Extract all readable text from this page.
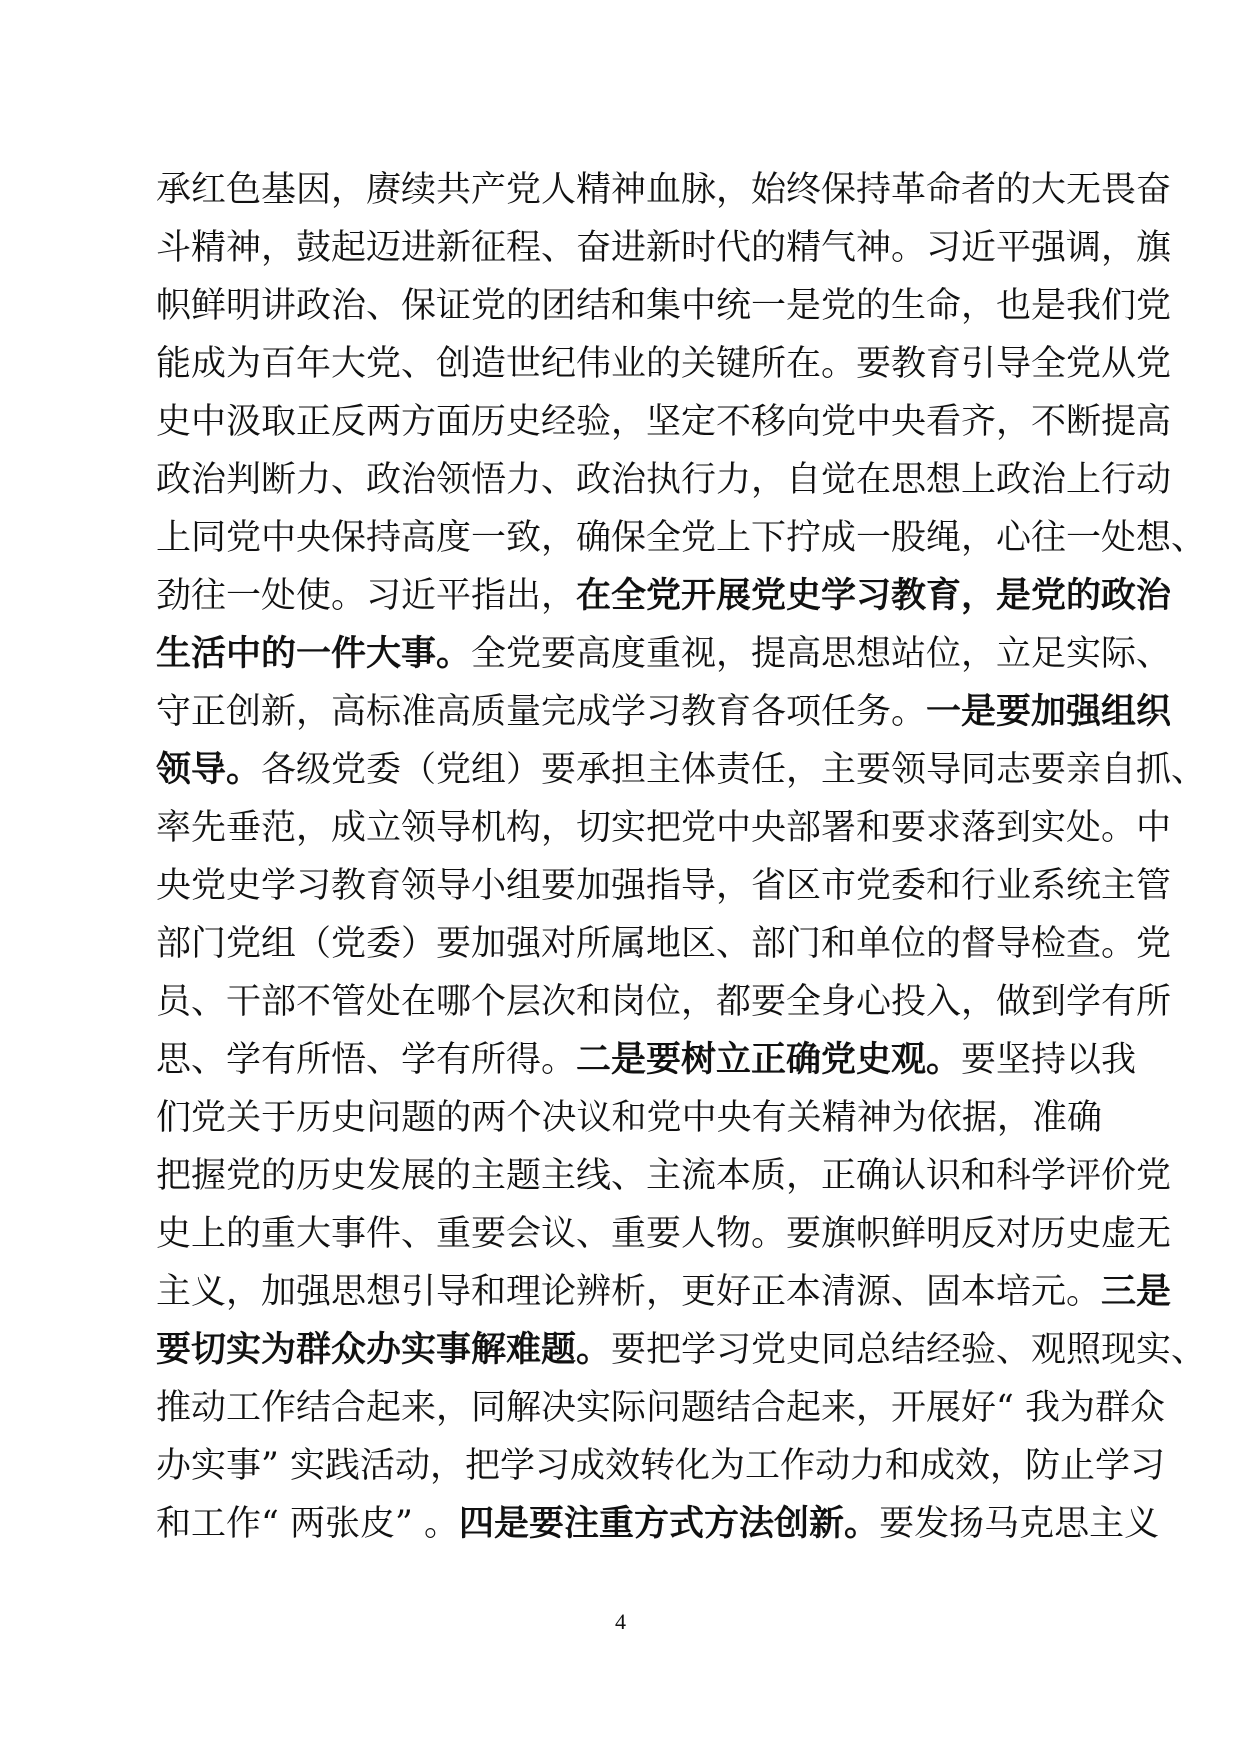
承红色基因，赓续共产党人精神血脉，始终保持革命者的大无畏奋
斗精神，鼓起迈进新征程、奋进新时代的精气神。习近平强调，旗
帜鲜明讲政治、保证党的团结和集中统一是党的生命，也是我们党
能成为百年大党、创造世纪伟业的关键所在。要教育引导全党从党
史中汲取正反两方面历史经验，坚定不移向党中央看齐，不断提高
政治判断力、政治领悟力、政治执行力，自觉在思想上政治上行动
上同党中央保持高度一致，确保全党上下拧成一股绳，心往一处想、
劲往一处使。习近平指出，在全党开展党史学习教育，是党的政治
生活中的一件大事。全党要高度重视，提高思想站位，立足实际、
守正创新，高标准高质量完成学习教育各项任务。一是要加强组织
领导。各级党委（党组）要承担主体责任，主要领导同志要亲自抓、
率先垂范，成立领导机构，切实把党中央部署和要求落到实处。中
央党史学习教育领导小组要加强指导，省区市党委和行业系统主管
部门党组（党委）要加强对所属地区、部门和单位的督导检查。党
员、干部不管处在哪个层次和岗位，都要全身心投入，做到学有所
思、学有所悟、学有所得。二是要树立正确党史观。要坚持以我
们党关于历史问题的两个决议和党中央有关精神为依据，准确
把握党的历史发展的主题主线、主流本质，正确认识和科学评价党
史上的重大事件、重要会议、重要人物。要旗帜鲜明反对历史虚无
主义，加强思想引导和理论辨析，更好正本清源、固本培元。三是
要切实为群众办实事解难题。要把学习党史同总结经验、观照现实、
推动工作结合起来，同解决实际问题结合起来，开展好“ 我为群众
办实事” 实践活动，把学习成效转化为工作动力和成效，防止学习
和工作“ 两张皮” 。四是要注重方式方法创新。要发扬马克思主义
4
